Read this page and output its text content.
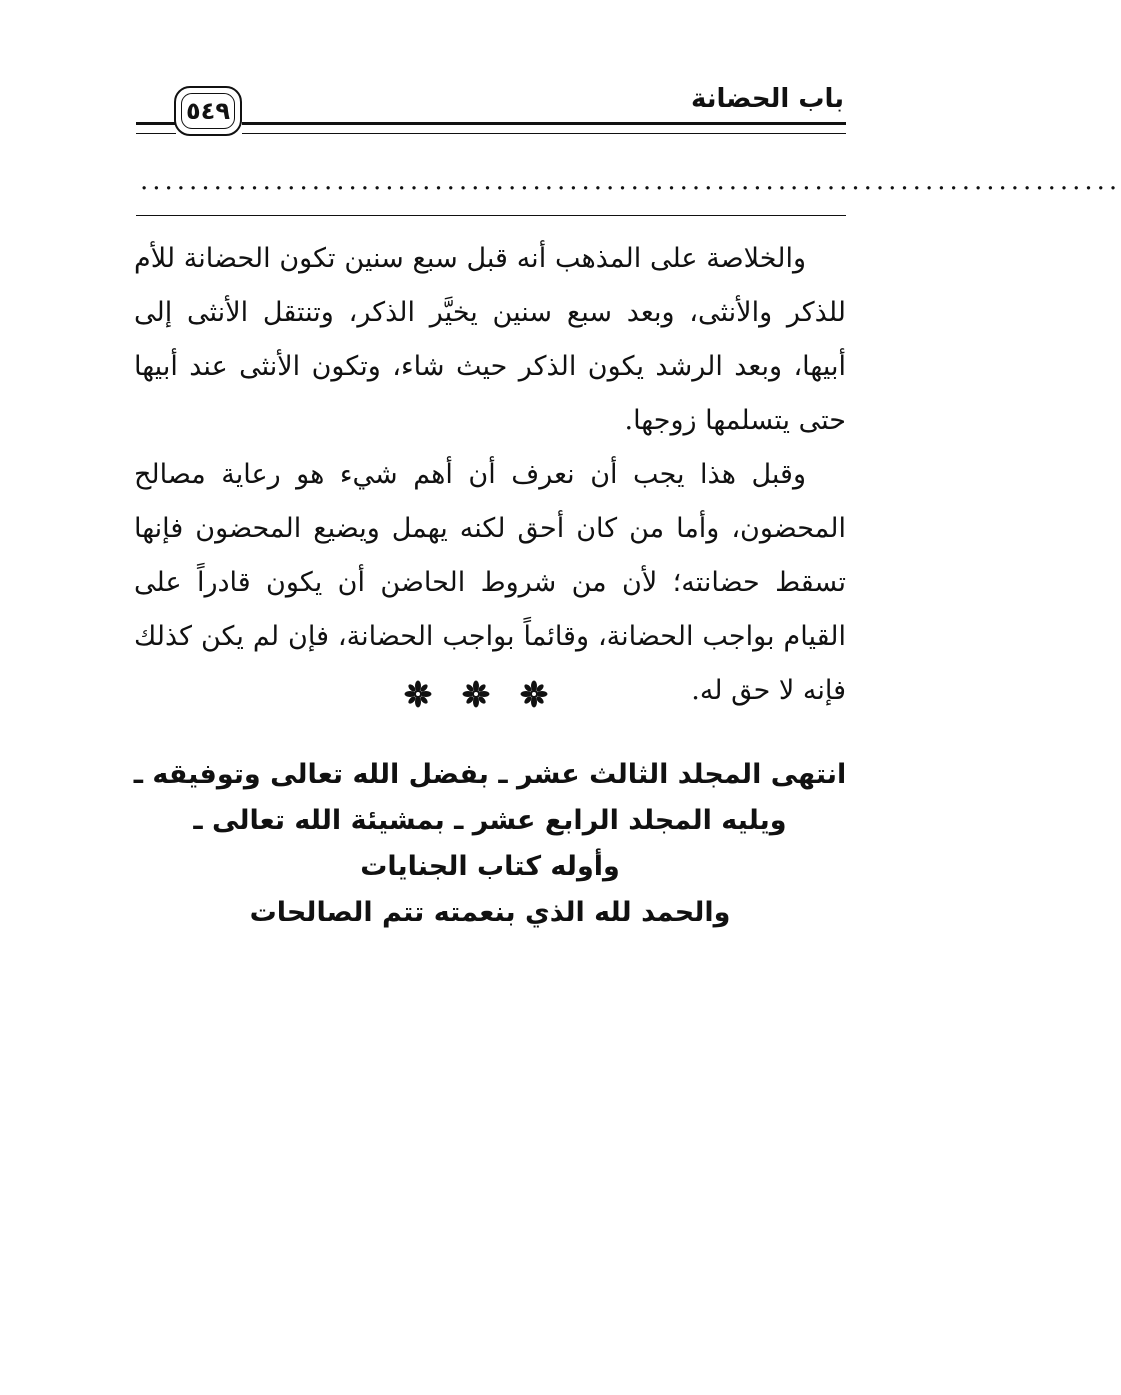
٥٤٩	باب الحضانة
................................................................................

والخلاصة على المذهب أنه قبل سبع سنين تكون الحضانة للأم للذكر والأنثى، وبعد سبع سنين يخيَّر الذكر، وتنتقل الأنثى إلى أبيها، وبعد الرشد يكون الذكر حيث شاء، وتكون الأنثى عند أبيها حتى يتسلمها زوجها.

وقبل هذا يجب أن نعرف أن أهم شيء هو رعاية مصالح المحضون، وأما من كان أحق لكنه يهمل ويضيع المحضون فإنها تسقط حضانته؛ لأن من شروط الحاضن أن يكون قادراً على القيام بواجب الحضانة، وقائماً بواجب الحضانة، فإن لم يكن كذلك فإنه لا حق له.

انتهى المجلد الثالث عشر ـ بفضل الله تعالى وتوفيقه ـ
ويليه المجلد الرابع عشر ـ بمشيئة الله تعالى ـ
وأوله كتاب الجنايات
والحمد لله الذي بنعمته تتم الصالحات
